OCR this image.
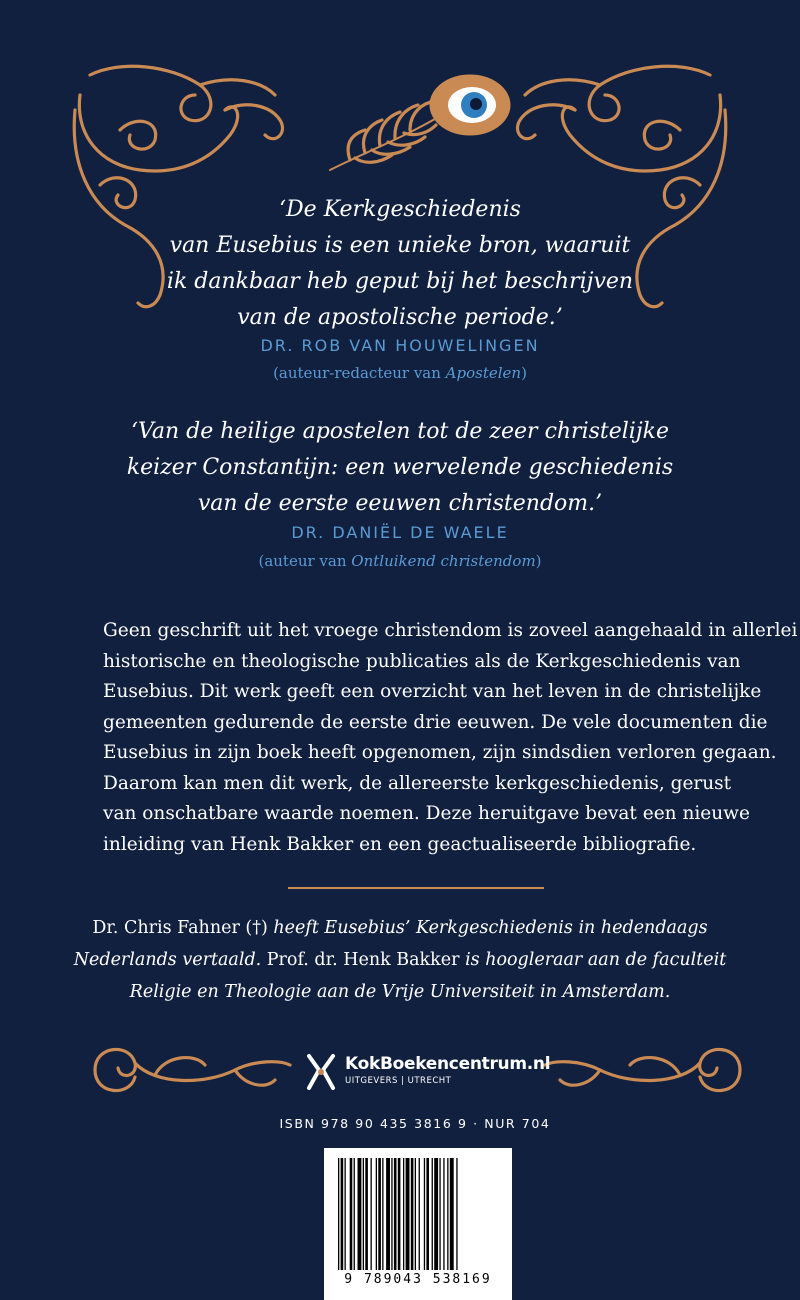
‘De Kerkgeschiedenis
van Eusebius is een unieke bron, waaruit
ik dankbaar heb geput bij het beschrijven
van de apostolische periode.’
DR. ROB VAN HOUWELINGEN
(auteur-redacteur van Apostelen)
‘Van de heilige apostelen tot de zeer christelijke
keizer Constantijn: een wervelende geschiedenis
van de eerste eeuwen christendom.’
DR. DANIËL DE WAELE
(auteur van Ontluikend christendom)
Geen geschrift uit het vroege christendom is zoveel aangehaald in allerlei
historische en theologische publicaties als de Kerkgeschiedenis van
Eusebius. Dit werk geeft een overzicht van het leven in de christelijke
gemeenten gedurende de eerste drie eeuwen. De vele documenten die
Eusebius in zijn boek heeft opgenomen, zijn sindsdien verloren gegaan.
Daarom kan men dit werk, de allereerste kerkgeschiedenis, gerust
van onschatbare waarde noemen. Deze heruitgave bevat een nieuwe
inleiding van Henk Bakker en een geactualiseerde bibliografie.
Dr. Chris Fahner (†) heeft Eusebius’ Kerkgeschiedenis in hedendaags
Nederlands vertaald. Prof. dr. Henk Bakker is hoogleraar aan de faculteit
Religie en Theologie aan de Vrije Universiteit in Amsterdam.
KokBoekencentrum.nl
UITGEVERS | UTRECHT
ISBN 978 90 435 3816 9 · NUR 704
9 789043 538169
